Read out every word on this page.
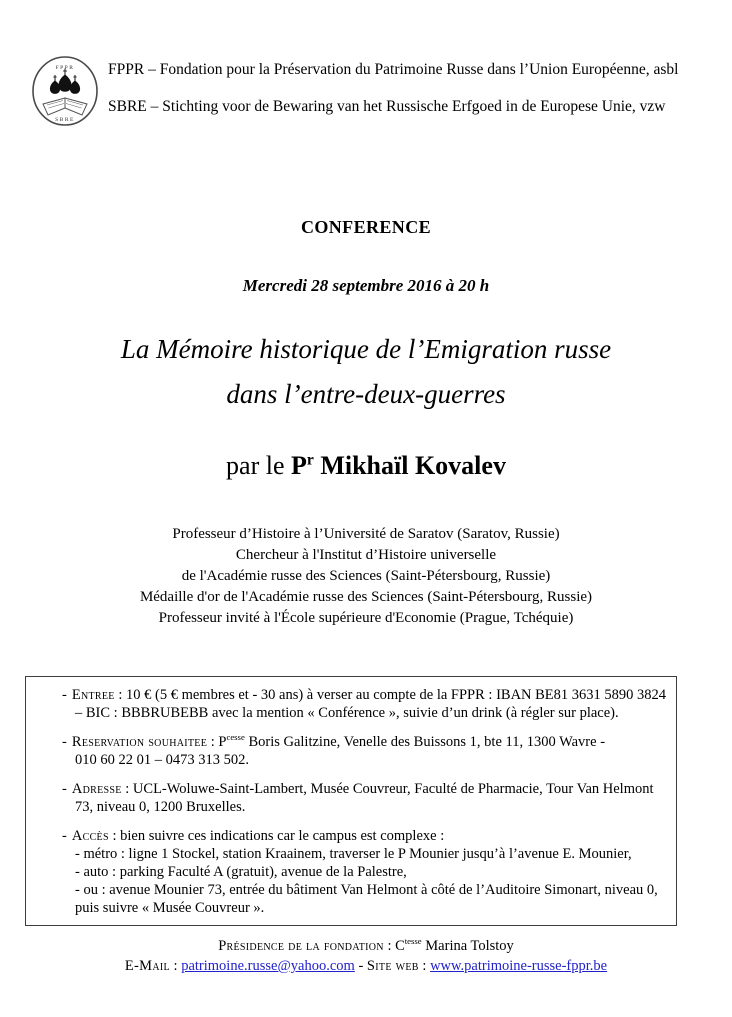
FPPR
SBRE

FPPR – Fondation pour la Préservation du Patrimoine Russe dans l’Union Européenne, asbl

SBRE – Stichting voor de Bewaring van het Russische Erfgoed in de Europese Unie, vzw

CONFERENCE
Mercredi 28 septembre 2016 à 20 h
La Mémoire historique de l’Emigration russe
dans l’entre-deux-guerres
par le $P^r$ Mikhaïl Kovalev
Professeur d’Histoire à l’Université de Saratov (Saratov, Russie)
Chercheur à l'Institut d’Histoire universelle
de l'Académie russe des Sciences (Saint-Pétersbourg, Russie)
Médaille d'or de l'Académie russe des Sciences (Saint-Pétersbourg, Russie)
Professeur invité à l'École supérieure d'Economie (Prague, Tchéquie)

- Entree : 10 € (5 € membres et - 30 ans) à verser au compte de la FPPR : IBAN BE81 3631 5890 3824 – BIC : BBBRUBEBB avec la mention « Conférence », suivie d’un drink (à régler sur place).

- Reservation souhaitee : $P^{cesse}$ Boris Galitzine, Venelle des Buissons 1, bte 11, 1300 Wavre -
010 60 22 01 – 0473 313 502.

- Adresse : UCL-Woluwe-Saint-Lambert, Musée Couvreur, Faculté de Pharmacie, Tour Van Helmont 73, niveau 0, 1200 Bruxelles.

- Accès : bien suivre ces indications car le campus est complexe :
- métro : ligne 1 Stockel, station Kraainem, traverser le P Mounier jusqu’à l’avenue E. Mounier,
- auto : parking Faculté A (gratuit), avenue de la Palestre,
- ou : avenue Mounier 73, entrée du bâtiment Van Helmont à côté de l’Auditoire Simonart, niveau 0,
puis suivre « Musée Couvreur ».

Présidence de la fondation : $C^{tesse}$ Marina Tolstoy
E-Mail : patrimoine.russe@yahoo.com - Site web : www.patrimoine-russe-fppr.be
